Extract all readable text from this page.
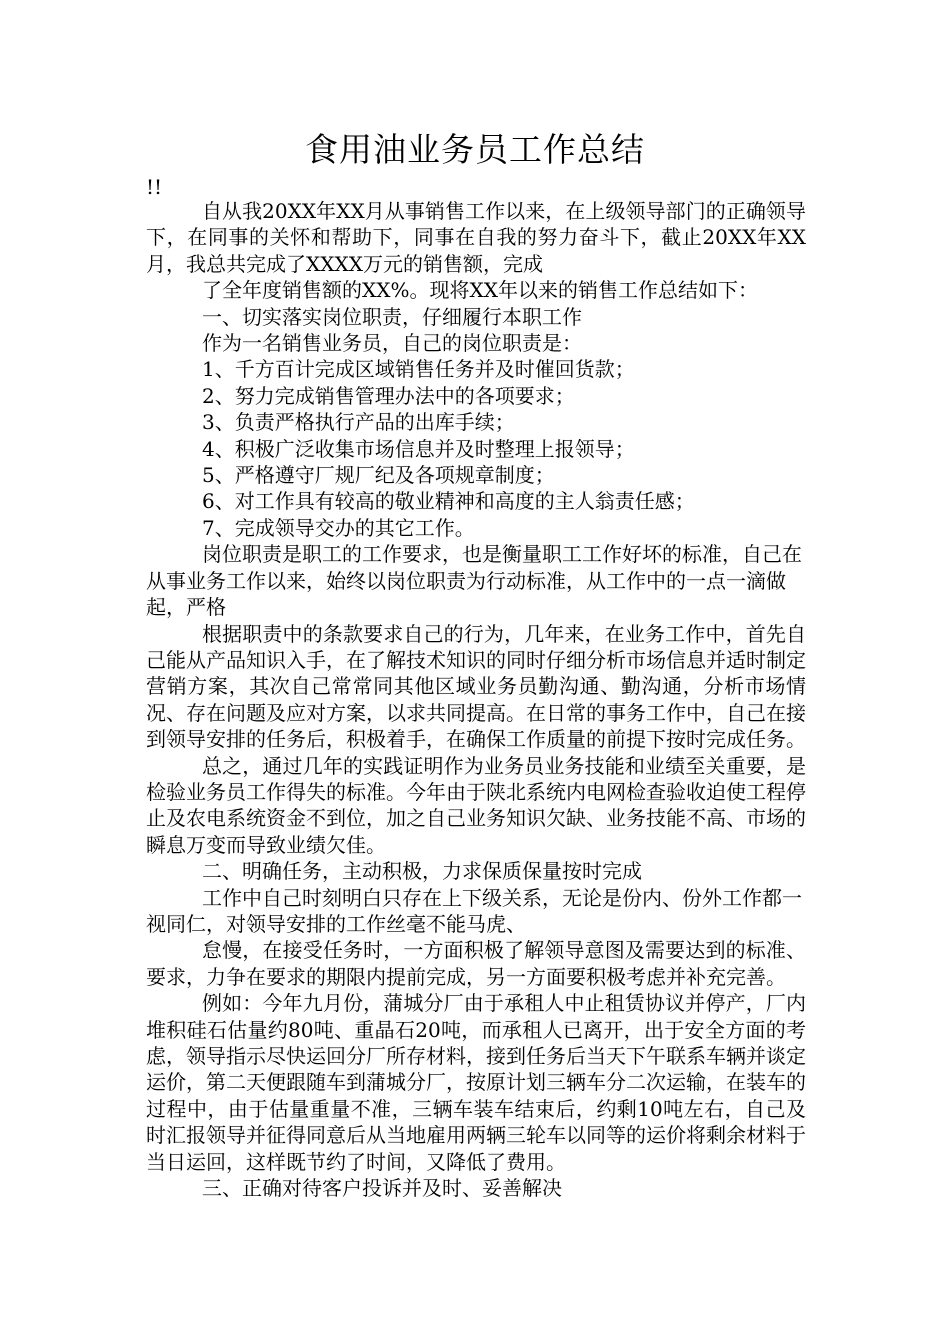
食用油业务员工作总结
!!

自从我20XX年XX月从事销售工作以来，在上级领导部门的正确领导下，在同事的关怀和帮助下，同事在自我的努力奋斗下，截止20XX年XX月，我总共完成了XXXX万元的销售额，完成

了全年度销售额的XX%。现将XX年以来的销售工作总结如下：

一、切实落实岗位职责，仔细履行本职工作

作为一名销售业务员，自己的岗位职责是：

1、千方百计完成区域销售任务并及时催回货款；

2、努力完成销售管理办法中的各项要求；

3、负责严格执行产品的出库手续；

4、积极广泛收集市场信息并及时整理上报领导；

5、严格遵守厂规厂纪及各项规章制度；

6、对工作具有较高的敬业精神和高度的主人翁责任感；

7、完成领导交办的其它工作。

岗位职责是职工的工作要求，也是衡量职工工作好坏的标准，自己在从事业务工作以来，始终以岗位职责为行动标准，从工作中的一点一滴做起，严格

根据职责中的条款要求自己的行为，几年来，在业务工作中，首先自己能从产品知识入手，在了解技术知识的同时仔细分析市场信息并适时制定营销方案，其次自己常常同其他区域业务员勤沟通、勤沟通，分析市场情况、存在问题及应对方案，以求共同提高。在日常的事务工作中，自己在接到领导安排的任务后，积极着手，在确保工作质量的前提下按时完成任务。

总之，通过几年的实践证明作为业务员业务技能和业绩至关重要，是检验业务员工作得失的标准。今年由于陕北系统内电网检查验收迫使工程停止及农电系统资金不到位，加之自己业务知识欠缺、业务技能不高、市场的瞬息万变而导致业绩欠佳。

二、明确任务，主动积极，力求保质保量按时完成

工作中自己时刻明白只存在上下级关系，无论是份内、份外工作都一视同仁，对领导安排的工作丝毫不能马虎、

怠慢，在接受任务时，一方面积极了解领导意图及需要达到的标准、要求，力争在要求的期限内提前完成，另一方面要积极考虑并补充完善。

例如：今年九月份，蒲城分厂由于承租人中止租赁协议并停产，厂内堆积硅石估量约80吨、重晶石20吨，而承租人已离开，出于安全方面的考虑，领导指示尽快运回分厂所存材料，接到任务后当天下午联系车辆并谈定运价，第二天便跟随车到蒲城分厂，按原计划三辆车分二次运输，在装车的过程中，由于估量重量不准，三辆车装车结束后，约剩10吨左右，自己及时汇报领导并征得同意后从当地雇用两辆三轮车以同等的运价将剩余材料于当日运回，这样既节约了时间，又降低了费用。

三、正确对待客户投诉并及时、妥善解决
